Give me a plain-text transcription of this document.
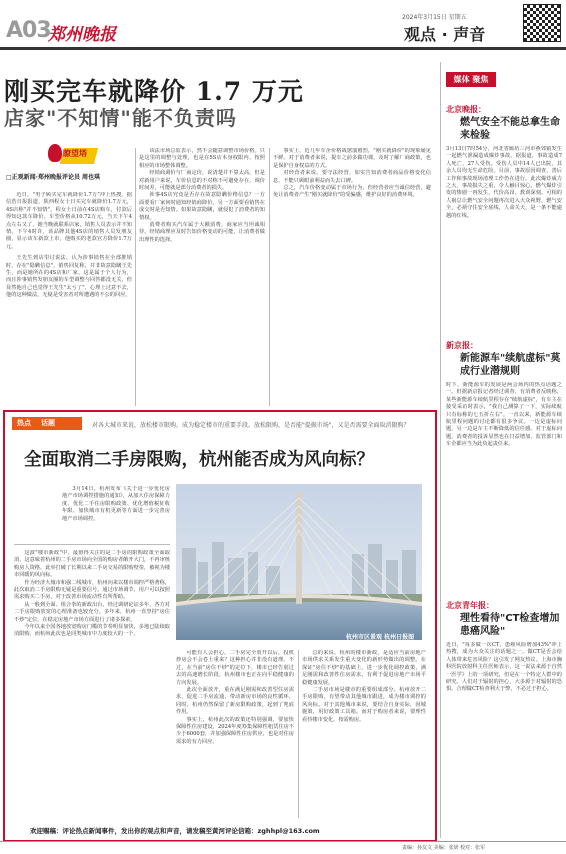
A03
郑州晚报
2024年3月15日 星期五
观点 · 声音
刚买完车就降价 1.7 万元
店家"不知情"能不负责吗
瞭望塔
□正观新闻·郑州晚报评论员 周也琪

近日，"男子顾买完车就降价1.7万"冲上热搜。据信浩日报报道，陕西程女士日买完车就降价1.7万元，4S店称"并不知情"。程女士日前在4S店购车，付款后得知这款车降价，车型价格从10.72万元，当天下午4点左右又了，她当晚就联系店家，销售人员表示并不知情。下午4时许，该品牌其他4S店的销售人员发朋友圈，显示该车新款上市，他购买的老款官方降价1.7万元。

王先生到店里讨说法，认为涉事销售在全部推销时，存在"隐瞒信息"，销售回复称，并非故意隐瞒王先生，而是她所在的4S店和厂家、这是属于个人行为，而且涉事销售发朋友圈的车型调整与回答都没无关，但显然他自己也觉得王先生"太亏了"，心理上过意不去，他的这种做法，无疑是受害者对所遭遇的不公的回应。

该法市场总监表示，然不会随意调整市场价格。只是这里的调整与处理，也是在5S店本身权限内、按照相应的市场整体调整。

经销商调价与厂商定价，说清楚并不算太高，但是对新用户来说，车价信息的不对称不可避免存在，调价时间差，可能就是部分消费者的损失。

涉事4S店究竟是否存在故意隐瞒价格信息？一方面要看厂家何时通知经销商降价，另一方面要看销售在成交时是否知情。如果故意隐瞒，就侵犯了消费者的知情权。

消费者购买汽车属于大额消费，商家应当坦诚相待。经销商理应及时告知价格变动的可能，让消费者做出理性的选择。

事实上，近几年车企价格战愈演愈烈，"刚买就降价"的现象屡见不鲜。对于消费者来说，提车之前多做功课，及时了解厂商政策，也是保护自身权益的方式。

对经营者来说，要守法经营，如实告知消费者商品价格变化信息，不能只顾眼前利益而失去口碑。

总之，汽车价格变动属于市场行为，但经营者应当诚信经营，避免让消费者产生"刚买就降价"的受骗感，维护良好的消费环境。

媒体 聚焦
北京晚报：
燃气安全不能总拿生命来检验
3月13日7时54分，河北省廊坊三河市燕郊镇发生一起燃气泄漏造成爆炸事故。据报道，事故造成7人死亡，27人受伤。受伤人员中14人已出院，其余人员均无生命危险。目前，事故原因调查、善后工作和事故现场清理工作仍在进行。此次爆炸威力之大，事故损失之重，令人触目惊心。燃气爆炸引发的惨剧一再发生，代价高昂，教训深刻。可相的人祸总让燃气安全问题再次进入大众视野。燃气安全，必须守住安全底线，人命关天，是一条不能逾越的红线。
新京报：
新能源车"续航虚标"莫成行业潜规则
时下，新能源车的发展是两会场内的热点话题之一。但据新京报记者经过调查，有消费者反映称，某些新能源车续航里程存在"续航虚标"，有车主在接受采访时表示，"我自己测算了一下，实际续航只有标称的七五折左右"。一直以来，新能源车续航里程问题的讨论都有很多争议。一边是虚标问题，另一边是车主不断降低的信任感。对于虚标问题，消费者的投诉显然也在日益增加，监管部门和车企都应当为此负起责任来。
北京青年报：
理性看待"CT检查增加患癌风险"
近日，"每多做一次CT，患癌风险增加43%"冲上热搜，成为大众关注的话题之一。做CT是否会给人体带来危害风险？这引发了网友热议。上海市胸科医院放射科主任医师表示，这一说法来源于自然一医学》上的一项研究，但是在一个特定人群中的研究。人们对于辐射的担心，大多源于对辐射的恐惧。合理做CT检查利大于弊，不必过于担心。
热点 话题	对各大城市来说，放松楼市限购，成为稳定楼市的重要手段。放松限购，是否能"提振市场"，又是否需要全面取消限购？
全面取消二手房限购，杭州能否成为风向标？
3月14日，杭州发布《关于进一步优化房地产市场调控措施的通知》，从加大住房保障力度、优化二手住房限购政策、优化增值税征收年限、加快城市有机更新等方面进一步完善房地产市场调控。

这波"楼市新政"中，最值得关注的是二手房的限购政策全面取消，这意味着杭州的二手房市场向全国的购房者敞开大门，不再审核购房人资格。此举打破了长期以来二手房交易的限购壁垒，被视为楼市回暖的风向标。

作为经济大城市和强二线城市，杭州向来以楼市调控严格著称，此次取消二手房限购无疑是重要信号。通过市场调节，用户可以按照需求购买二手房，对于改善市场流动性有所帮助。

从一般到全面、组合拳的新政出台，经过调研论证多年，各方对二手房限购放宽的心理准备也较充分。多年来，杭州一直坚持"房住不炒"定位，在稳定房地产市场方面进行了诸多探索。

今年以来全国各地放宽购房门槛的节奏明显加快，多地已陆续取消限购，而杭州此次也是同类城市中力度较大的一个。	杭州市区景观 杭州日报图

可能有人会担心，二手房完全放开以后，投机炒房会不会卷土重来？这种担心并非没有道理。不过，在当前"房住不炒"的定位下，楼市已经告别过去的高速增长阶段，杭州楼市也正在向平稳健康的方向发展。

此次全面放开，重在满足刚需和改善型住房需求，促进二手房流通，带动新房市场的良性循环。同时，杭州仍然保留了新房限购政策，起到了兜底作用。

事实上，杭州此次的政策还特别强调，要加快保障性住房建设，2024年度筹集保障性租赁住房不少于6000套，并加强保障性住房供应，也是对住房需求的有力回应。

总的来说，杭州的楼市新政，是适应当前房地产市场供求关系发生重大变化的新形势做出的调整。在保证"房住不炒"的基础上，进一步优化调控政策，满足刚需和改善性住房需求，有利于促进房地产市场平稳健康发展。

二手房市场是楼市的重要组成部分。杭州放开二手房限购，有望带动其他城市跟进，成为楼市调控的风向标。对于其他城市来说，要结合自身实际，因城施策，用好政策工具箱。而对于购房者来说，要理性看待楼市变化，按需购房。

欢迎赐稿：评论热点新闻事件，发出你的观点和声音，请发稿至黄河评论信箱：zghhpl@163.com
责编：孙友文 美编：张妍 校对：张军
